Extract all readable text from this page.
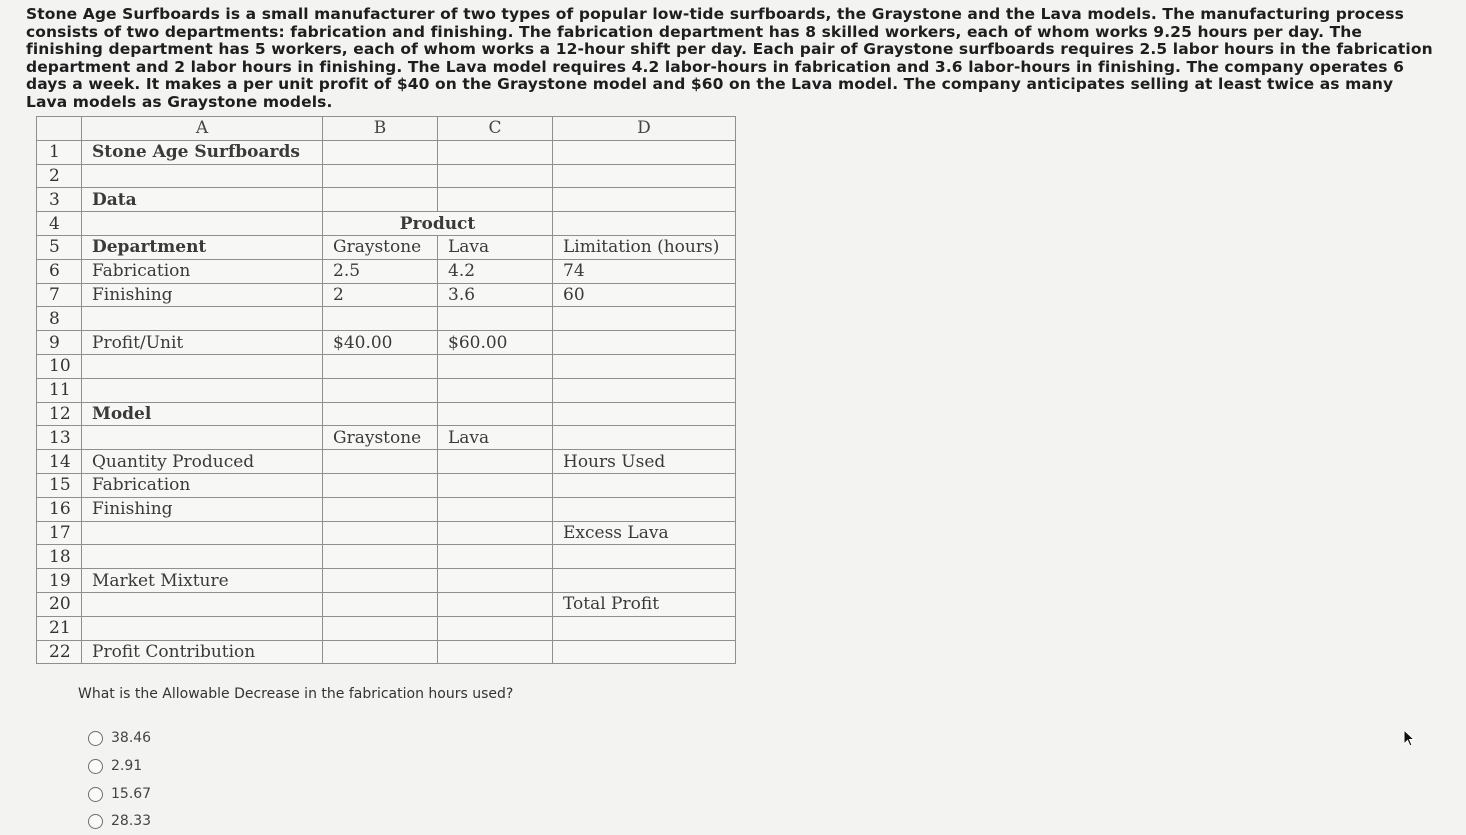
Stone Age Surfboards is a small manufacturer of two types of popular low-tide surfboards, the Graystone and the Lava models. The manufacturing process consists of two departments: fabrication and finishing. The fabrication department has 8 skilled workers, each of whom works 9.25 hours per day. The finishing department has 5 workers, each of whom works a 12-hour shift per day. Each pair of Graystone surfboards requires 2.5 labor hours in the fabrication department and 2 labor hours in finishing. The Lava model requires 4.2 labor-hours in fabrication and 3.6 labor-hours in finishing. The company operates 6 days a week. It makes a per unit profit of $40 on the Graystone model and $60 on the Lava model. The company anticipates selling at least twice as many Lava models as Graystone models.
	A	B	C	D
1	Stone Age Surfboards			
2				
3	Data			
4		Product		
5	Department	Graystone	Lava	Limitation (hours)
6	Fabrication	2.5	4.2	74
7	Finishing	2	3.6	60
8				
9	Profit/Unit	$40.00	$60.00	
10				
11				
12	Model			
13		Graystone	Lava	
14	Quantity Produced			Hours Used
15	Fabrication			
16	Finishing			
17				Excess Lava
18				
19	Market Mixture			
20				Total Profit
21				
22	Profit Contribution			
What is the Allowable Decrease in the fabrication hours used?
38.46
2.91
15.67
28.33
